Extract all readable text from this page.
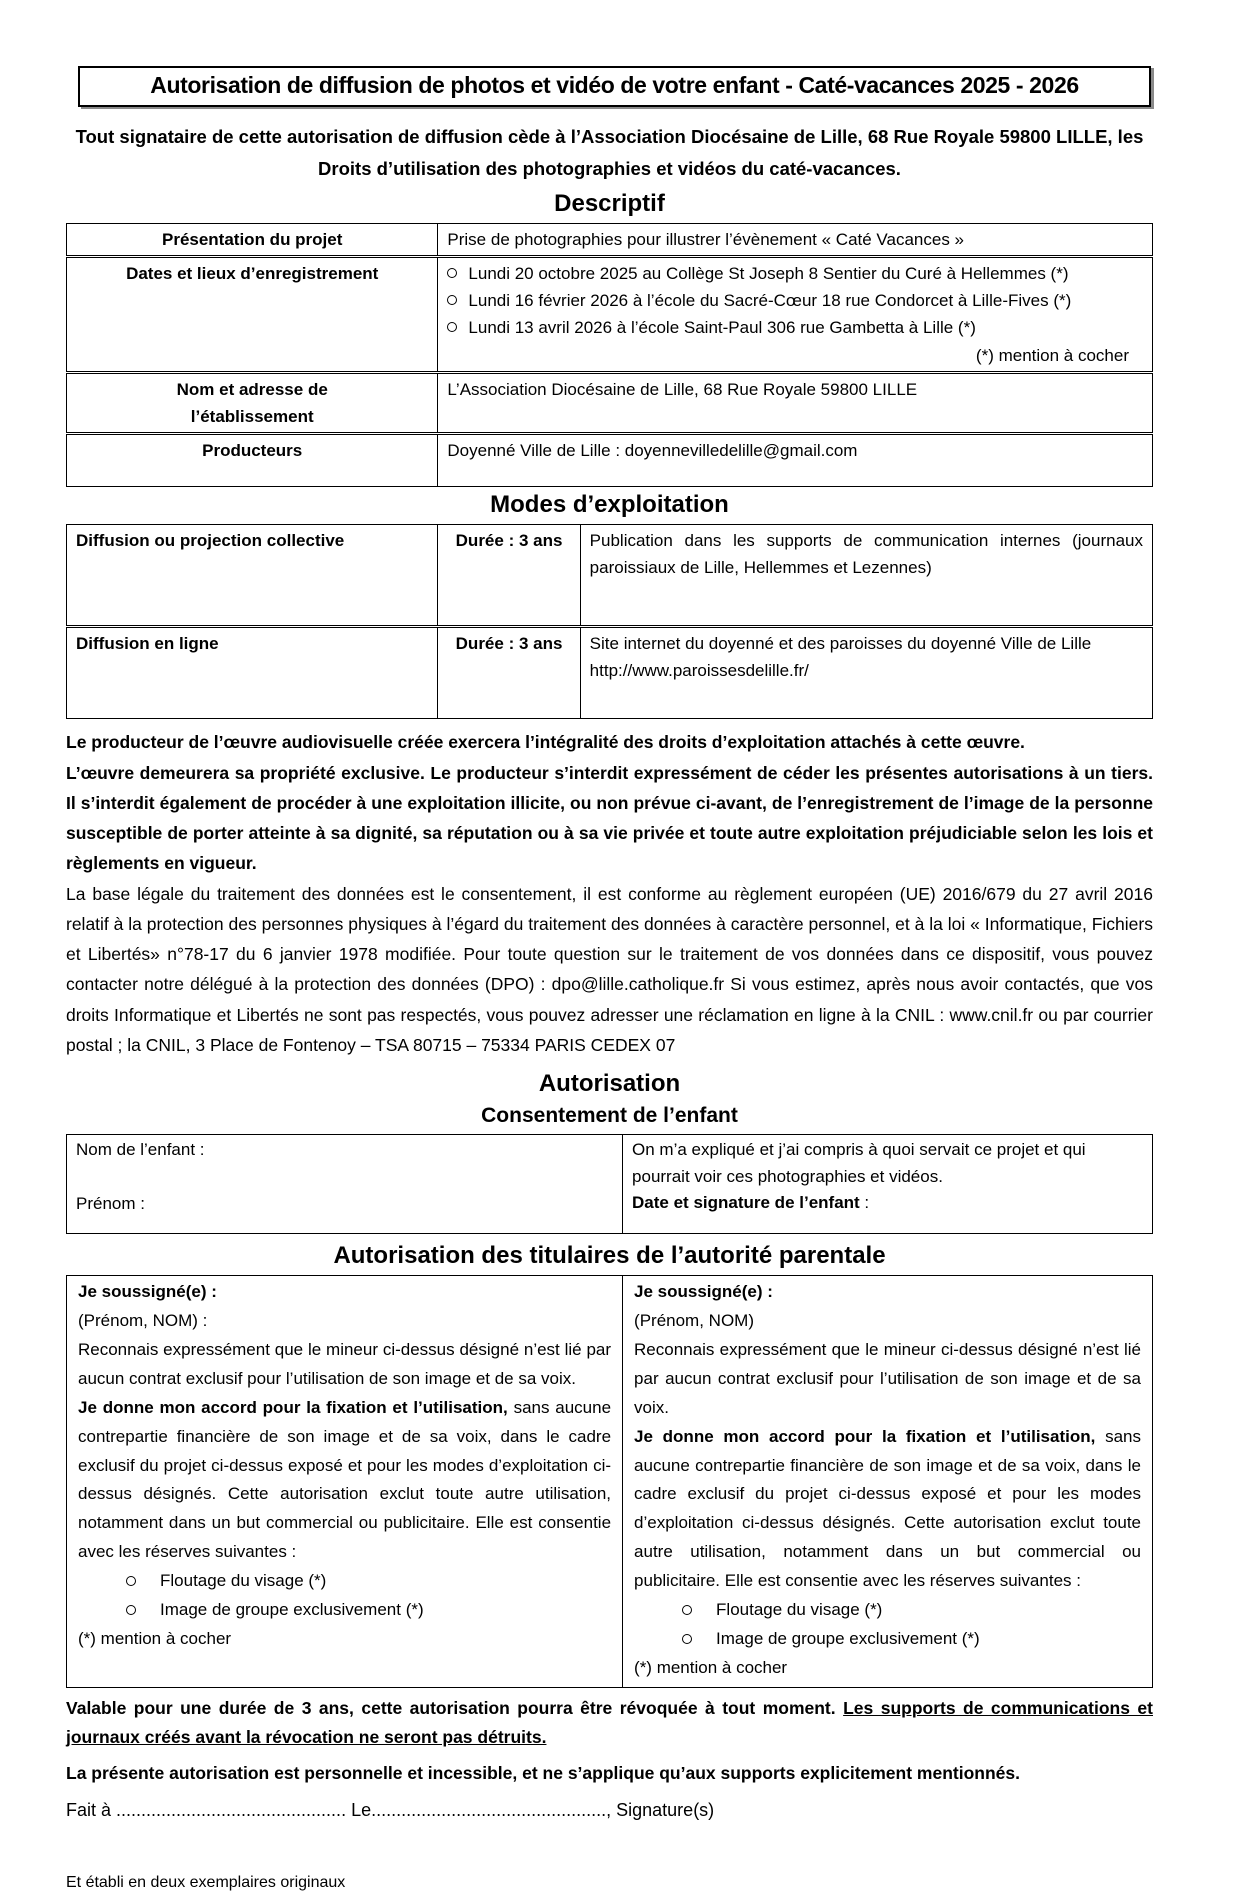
Autorisation de diffusion de photos et vidéo de votre enfant - Caté-vacances 2025 - 2026

Tout signataire de cette autorisation de diffusion cède à l’Association Diocésaine de Lille, 68 Rue Royale 59800 LILLE, les Droits d’utilisation des photographies et vidéos du caté-vacances.

Descriptif
Présentation du projet	Prise de photographies pour illustrer l’évènement « Caté Vacances »
Dates et lieux d’enregistrement	Lundi 20 octobre 2025 au Collège St Joseph 8 Sentier du Curé à Hellemmes (*)
Lundi 16 février 2026 à l’école du Sacré-Cœur 18 rue Condorcet à Lille-Fives (*)
Lundi 13 avril 2026 à l’école Saint-Paul 306 rue Gambetta à Lille (*)
(*) mention à cocher

Nom et adresse de l’établissement	L’Association Diocésaine de Lille, 68 Rue Royale 59800 LILLE
Producteurs	Doyenné Ville de Lille : doyennevilledelille@gmail.com
Modes d’exploitation
Diffusion ou projection collective	Durée : 3 ans	Publication dans les supports de communication internes (journaux paroissiaux de Lille, Hellemmes et Lezennes)

Diffusion en ligne	Durée : 3 ans	Site internet du doyenné et des paroisses du doyenné Ville de Lille
http://www.paroissesdelille.fr/

Le producteur de l’œuvre audiovisuelle créée exercera l’intégralité des droits d’exploitation attachés à cette œuvre.

L’œuvre demeurera sa propriété exclusive. Le producteur s’interdit expressément de céder les présentes autorisations à un tiers. Il s’interdit également de procéder à une exploitation illicite, ou non prévue ci-avant, de l’enregistrement de l’image de la personne susceptible de porter atteinte à sa dignité, sa réputation ou à sa vie privée et toute autre exploitation préjudiciable selon les lois et règlements en vigueur.

La base légale du traitement des données est le consentement, il est conforme au règlement européen (UE) 2016/679 du 27 avril 2016 relatif à la protection des personnes physiques à l’égard du traitement des données à caractère personnel, et à la loi « Informatique, Fichiers et Libertés» n°78-17 du 6 janvier 1978 modifiée. Pour toute question sur le traitement de vos données dans ce dispositif, vous pouvez contacter notre délégué à la protection des données (DPO) : dpo@lille.catholique.fr Si vous estimez, après nous avoir contactés, que vos droits Informatique et Libertés ne sont pas respectés, vous pouvez adresser une réclamation en ligne à la CNIL : www.cnil.fr ou par courrier postal ; la CNIL, 3 Place de Fontenoy – TSA 80715 – 75334 PARIS CEDEX 07

Autorisation
Consentement de l’enfant
Nom de l’enfant :
Prénom :

On m’a expliqué et j’ai compris à quoi servait ce projet et qui pourrait voir ces photographies et vidéos.
Date et signature de l’enfant :
Autorisation des titulaires de l’autorité parentale

Je soussigné(e) :

(Prénom, NOM) :

Reconnais expressément que le mineur ci-dessus désigné n’est lié par aucun contrat exclusif pour l’utilisation de son image et de sa voix.

Je donne mon accord pour la fixation et l’utilisation, sans aucune contrepartie financière de son image et de sa voix, dans le cadre exclusif du projet ci-dessus exposé et pour les modes d’exploitation ci-dessus désignés. Cette autorisation exclut toute autre utilisation, notamment dans un but commercial ou publicitaire. Elle est consentie avec les réserves suivantes :

Floutage du visage (*)
Image de groupe exclusivement (*)

(*) mention à cocher

Je soussigné(e) :

(Prénom, NOM)

Reconnais expressément que le mineur ci-dessus désigné n’est lié par aucun contrat exclusif pour l’utilisation de son image et de sa voix.

Je donne mon accord pour la fixation et l’utilisation, sans aucune contrepartie financière de son image et de sa voix, dans le cadre exclusif du projet ci-dessus exposé et pour les modes d’exploitation ci-dessus désignés. Cette autorisation exclut toute autre utilisation, notamment dans un but commercial ou publicitaire. Elle est consentie avec les réserves suivantes :

Floutage du visage (*)
Image de groupe exclusivement (*)

(*) mention à cocher

Valable pour une durée de 3 ans, cette autorisation pourra être révoquée à tout moment. Les supports de communications et journaux créés avant la révocation ne seront pas détruits.

La présente autorisation est personnelle et incessible, et ne s’applique qu’aux supports explicitement mentionnés.

Fait à .............................................. Le..............................................., Signature(s)

Et établi en deux exemplaires originaux
